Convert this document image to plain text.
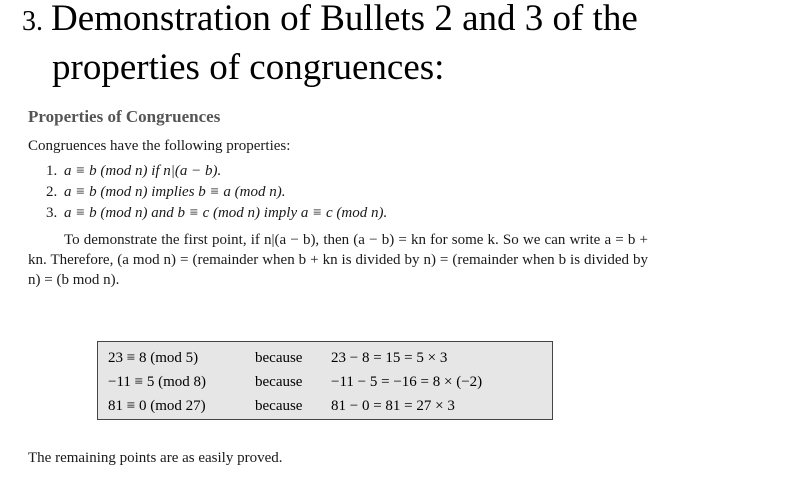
3. Demonstration of Bullets 2 and 3 of the
properties of congruences:

Properties of Congruences

Congruences have the following properties:

1. a ≡ b (mod n) if n|(a − b).
2. a ≡ b (mod n) implies b ≡ a (mod n).
3. a ≡ b (mod n) and b ≡ c (mod n) imply a ≡ c (mod n).

To demonstrate the first point, if n|(a − b), then (a − b) = kn for some k. So we can write a = b + kn. Therefore, (a mod n) = (remainder when b + kn is divided by n) = (remainder when b is divided by n) = (b mod n).

23 ≡ 8 (mod 5)	because	23 − 8 = 15 = 5 × 3
−11 ≡ 5 (mod 8)	because	−11 − 5 = −16 = 8 × (−2)
81 ≡ 0 (mod 27)	because	81 − 0 = 81 = 27 × 3
The remaining points are as easily proved.
